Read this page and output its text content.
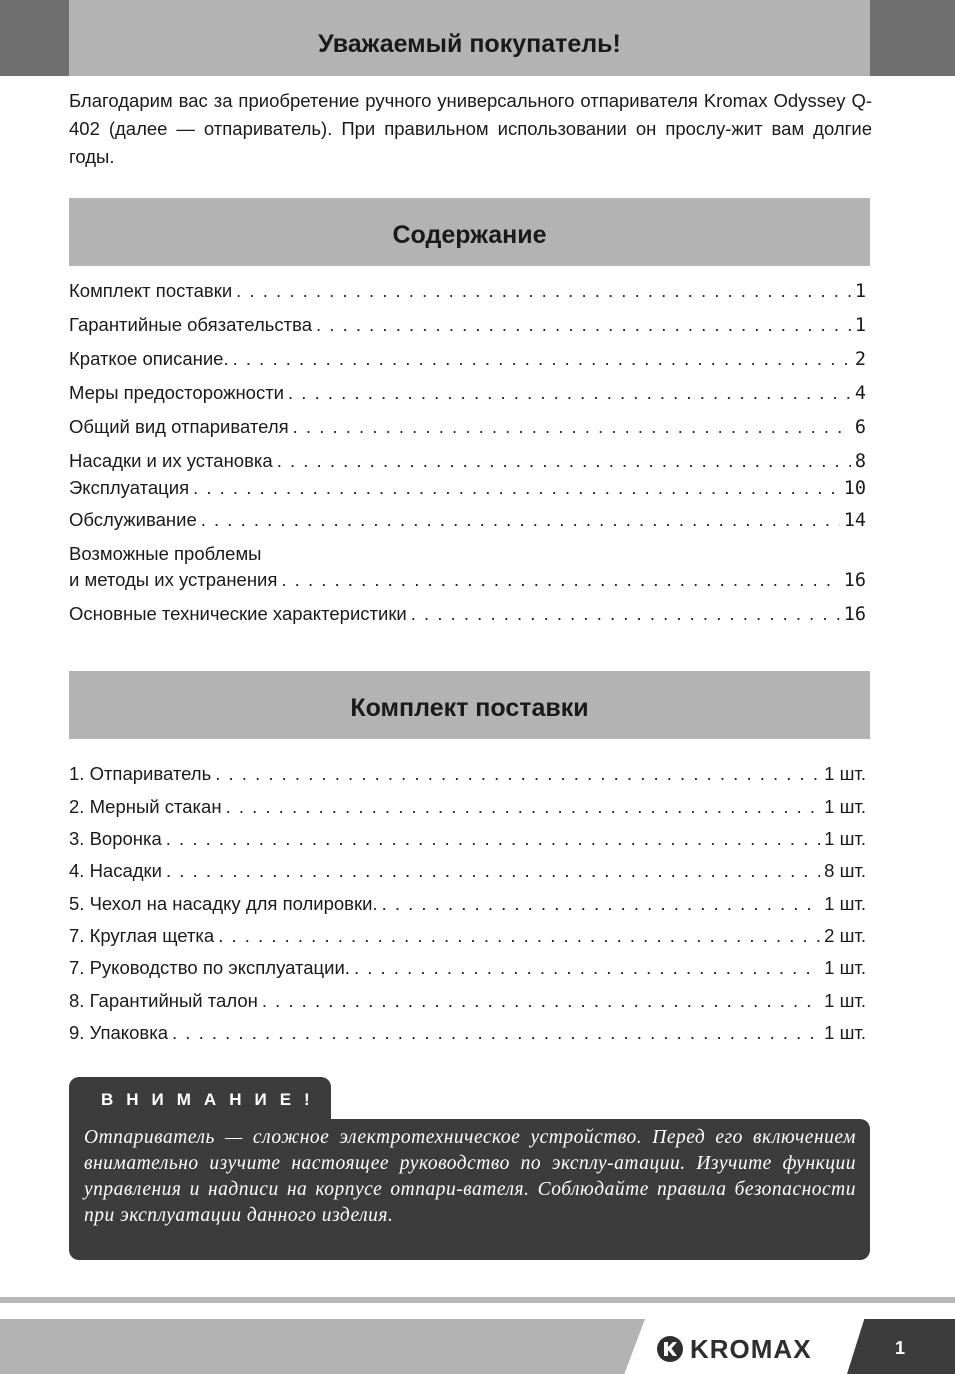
Уважаемый покупатель!

Благодарим вас за приобретение ручного универсального отпаривателя Kromax Odyssey Q-402 (далее — отпариватель). При правильном использовании он прослу-жит вам долгие годы.

Содержание
Комплект поставки . . .	1
Гарантийные обязательства . . .	1
Краткое описание. . . .	2
Меры предосторожности . . .	4
Общий вид отпаривателя . . .	6
Насадки и их установка . . .	8
Эксплуатация . . .	10
Обслуживание . . .	14
Возможные проблемы
и методы их устранения . . .	16
Основные технические характеристики . . .	16
Комплект поставки
1. Отпариватель . . .	1 шт.
2. Мерный стакан . . .	1 шт.
3. Воронка . . .	1 шт.
4. Насадки . . .	8 шт.
5. Чехол на насадку для полировки. . . .	1 шт.
7. Круглая щетка . . .	2 шт.
7. Руководство по эксплуатации. . . .	1 шт.
8. Гарантийный талон . . .	1 шт.
9. Упаковка . . .	1 шт.
ВНИМАНИЕ!

Отпариватель — сложное электротехническое устройство. Перед его включением внимательно изучите настоящее руководство по эксплу-атации. Изучите функции управления и надписи на корпусе отпари-вателя. Соблюдайте правила безопасности при эксплуатации данного изделия.

KROMAX	1
